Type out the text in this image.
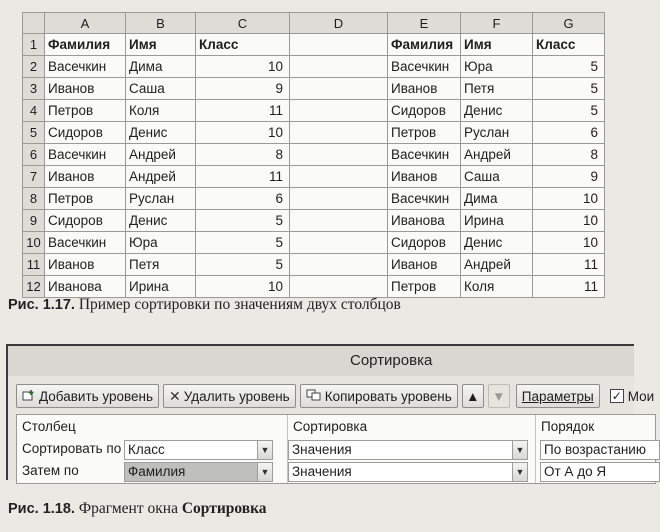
	A	B	C	D	E	F	G
1	Фамилия	Имя	Класс		Фамилия	Имя	Класс
2	Васечкин	Дима	10		Васечкин	Юра	5
3	Иванов	Саша	9		Иванов	Петя	5
4	Петров	Коля	11		Сидоров	Денис	5
5	Сидоров	Денис	10		Петров	Руслан	6
6	Васечкин	Андрей	8		Васечкин	Андрей	8
7	Иванов	Андрей	11		Иванов	Саша	9
8	Петров	Руслан	6		Васечкин	Дима	10
9	Сидоров	Денис	5		Иванова	Ирина	10
10	Васечкин	Юра	5		Сидоров	Денис	10
11	Иванов	Петя	5		Иванов	Андрей	11
12	Иванова	Ирина	10		Петров	Коля	11
Рис. 1.17. Пример сортировки по значениям двух столбцов
Сортировка
Добавить уровень ✕ Удалить уровень	Копировать уровень ▲ ▼ Параметры ✓ Мои
Столбец	Сортировка	Порядок
Сортировать по Класс	▼ Значения	▼ По возрастанию
Затем по	Фамилия	▼ Значения	▼ От А до Я
Рис. 1.18. Фрагмент окна Сортировка
